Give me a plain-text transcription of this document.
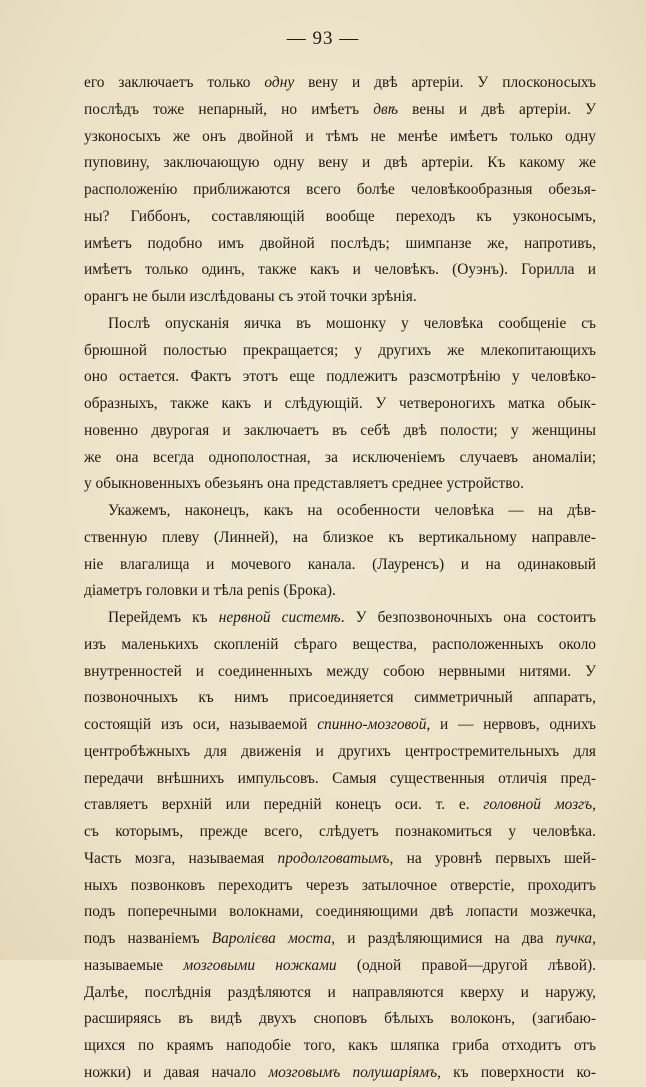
— 93 —
его заключаетъ только одну вену и двѣ артеріи. У плосконосыхъ
послѣдъ тоже непарный, но имѣетъ двѣ вены и двѣ артеріи. У
узконосыхъ же онъ двойной и тѣмъ не менѣе имѣетъ только одну
пуповину, заключающую одну вену и двѣ артеріи. Къ какому же
расположенію приближаются всего болѣе человѣкообразныя обезья-
ны? Гиббонъ, составляющій вообще переходъ къ узконосымъ,
имѣетъ подобно имъ двойной послѣдъ; шимпанзе же, напротивъ,
имѣетъ только одинъ, также какъ и человѣкъ. (Оуэнъ). Горилла и
орангъ не были изслѣдованы съ этой точки зрѣнія.
Послѣ опусканія яичка въ мошонку у человѣка сообщеніе съ
брюшной полостью прекращается; у другихъ же млекопитающихъ
оно остается. Фактъ этотъ еще подлежитъ разсмотрѣнію у человѣко-
образныхъ, также какъ и слѣдующій. У четвероногихъ матка обык-
новенно двурогая и заключаетъ въ себѣ двѣ полости; у женщины
же она всегда однополостная, за исключеніемъ случаевъ аномаліи;
у обыкновенныхъ обезьянъ она представляетъ среднее устройство.
Укажемъ, наконецъ, какъ на особенности человѣка — на дѣв-
ственную плеву (Линней), на близкое къ вертикальному направле-
ніе влагалища и мочевого канала. (Лауренсъ) и на одинаковый
діаметръ головки и тѣла penis (Брока).
Перейдемъ къ нервной системѣ. У безпозвоночныхъ она состоитъ
изъ маленькихъ скопленій сѣраго вещества, расположенныхъ около
внутренностей и соединенныхъ между собою нервными нитями. У
позвоночныхъ къ нимъ присоединяется симметричный аппаратъ,
состоящій изъ оси, называемой спинно-мозговой, и — нервовъ, однихъ
центробѣжныхъ для движенія и другихъ центростремительныхъ для
передачи внѣшнихъ импульсовъ. Самыя существенныя отличія пред-
ставляетъ верхній или передній конецъ оси. т. е. головной мозгъ,
съ которымъ, прежде всего, слѣдуетъ познакомиться у человѣка.
Часть мозга, называемая продолговатымъ, на уровнѣ первыхъ шей-
ныхъ позвонковъ переходитъ черезъ затылочное отверстіе, проходитъ
подъ поперечными волокнами, соединяющими двѣ лопасти мозжечка,
подъ названіемъ Варолієва моста, и раздѣляющимися на два пучка,
называемые мозговыми ножками (одной правой—другой лѣвой).
Далѣе, послѣднія раздѣляются и направляются кверху и наружу,
расширяясь въ видѣ двухъ сноповъ бѣлыхъ волоконъ, (загибаю-
щихся по краямъ наподобіе того, какъ шляпка гриба отходитъ отъ
ножки) и давая начало мозговымъ полушаріямъ, къ поверхности ко-
